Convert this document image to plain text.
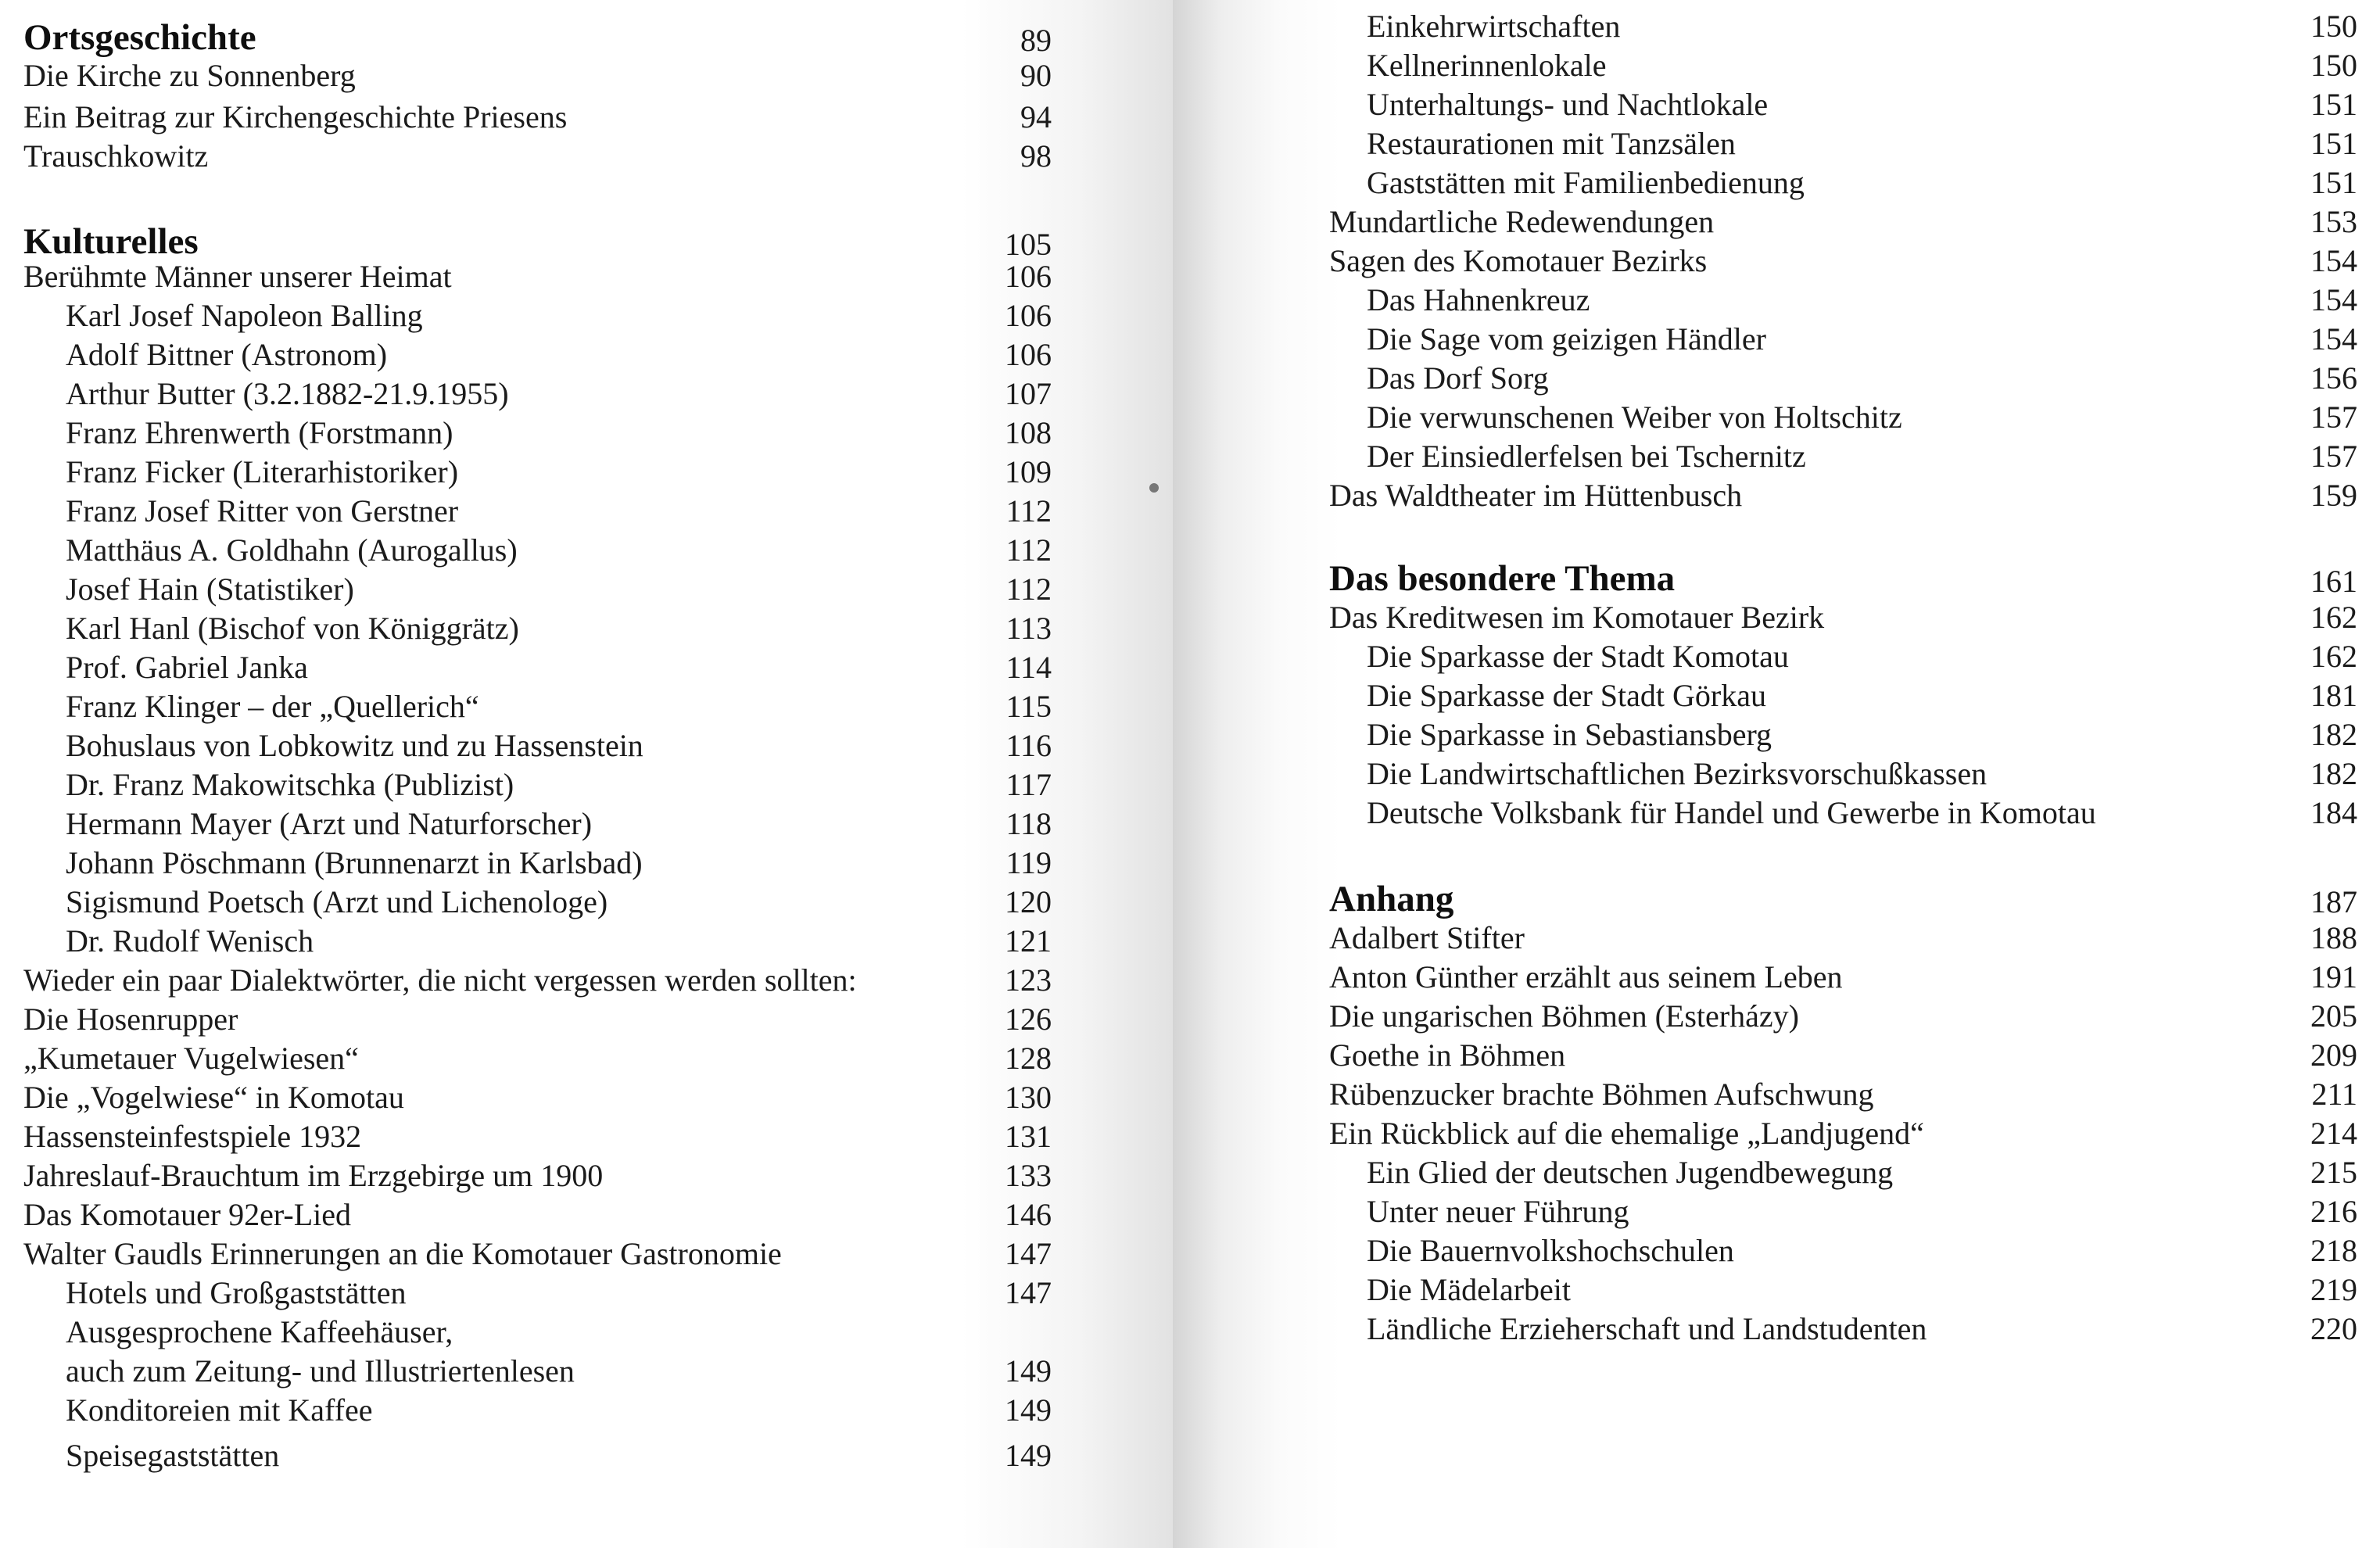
Ortsgeschichte	89
Die Kirche zu Sonnenberg	90
Ein Beitrag zur Kirchengeschichte Priesens	94
Trauschkowitz	98
Kulturelles	105
Berühmte Männer unserer Heimat	106
Karl Josef Napoleon Balling	106
Adolf Bittner (Astronom)	106
Arthur Butter (3.2.1882-21.9.1955)	107
Franz Ehrenwerth (Forstmann)	108
Franz Ficker (Literarhistoriker)	109
Franz Josef Ritter von Gerstner	112
Matthäus A. Goldhahn (Aurogallus)	112
Josef Hain (Statistiker)	112
Karl Hanl (Bischof von Königgrätz)	113
Prof. Gabriel Janka	114
Franz Klinger – der „Quellerich“	115
Bohuslaus von Lobkowitz und zu Hassenstein	116
Dr. Franz Makowitschka (Publizist)	117
Hermann Mayer (Arzt und Naturforscher)	118
Johann Pöschmann (Brunnenarzt in Karlsbad)	119
Sigismund Poetsch (Arzt und Lichenologe)	120
Dr. Rudolf Wenisch	121
Wieder ein paar Dialektwörter, die nicht vergessen werden sollten:	123
Die Hosenrupper	126
„Kumetauer Vugelwiesen“	128
Die „Vogelwiese“ in Komotau	130
Hassensteinfestspiele 1932	131
Jahreslauf-Brauchtum im Erzgebirge um 1900	133
Das Komotauer 92er-Lied	146
Walter Gaudls Erinnerungen an die Komotauer Gastronomie	147
Hotels und Großgaststätten	147
Ausgesprochene Kaffeehäuser,
auch zum Zeitung- und Illustriertenlesen	149
Konditoreien mit Kaffee	149
Speisegaststätten	149
Einkehrwirtschaften	150
Kellnerinnenlokale	150
Unterhaltungs- und Nachtlokale	151
Restaurationen mit Tanzsälen	151
Gaststätten mit Familienbedienung	151
Mundartliche Redewendungen	153
Sagen des Komotauer Bezirks	154
Das Hahnenkreuz	154
Die Sage vom geizigen Händler	154
Das Dorf Sorg	156
Die verwunschenen Weiber von Holtschitz	157
Der Einsiedlerfelsen bei Tschernitz	157
Das Waldtheater im Hüttenbusch	159
Das besondere Thema	161
Das Kreditwesen im Komotauer Bezirk	162
Die Sparkasse der Stadt Komotau	162
Die Sparkasse der Stadt Görkau	181
Die Sparkasse in Sebastiansberg	182
Die Landwirtschaftlichen Bezirksvorschußkassen	182
Deutsche Volksbank für Handel und Gewerbe in Komotau	184
Anhang	187
Adalbert Stifter	188
Anton Günther erzählt aus seinem Leben	191
Die ungarischen Böhmen (Esterházy)	205
Goethe in Böhmen	209
Rübenzucker brachte Böhmen Aufschwung	211
Ein Rückblick auf die ehemalige „Landjugend“	214
Ein Glied der deutschen Jugendbewegung	215
Unter neuer Führung	216
Die Bauernvolkshochschulen	218
Die Mädelarbeit	219
Ländliche Erzieherschaft und Landstudenten	220
